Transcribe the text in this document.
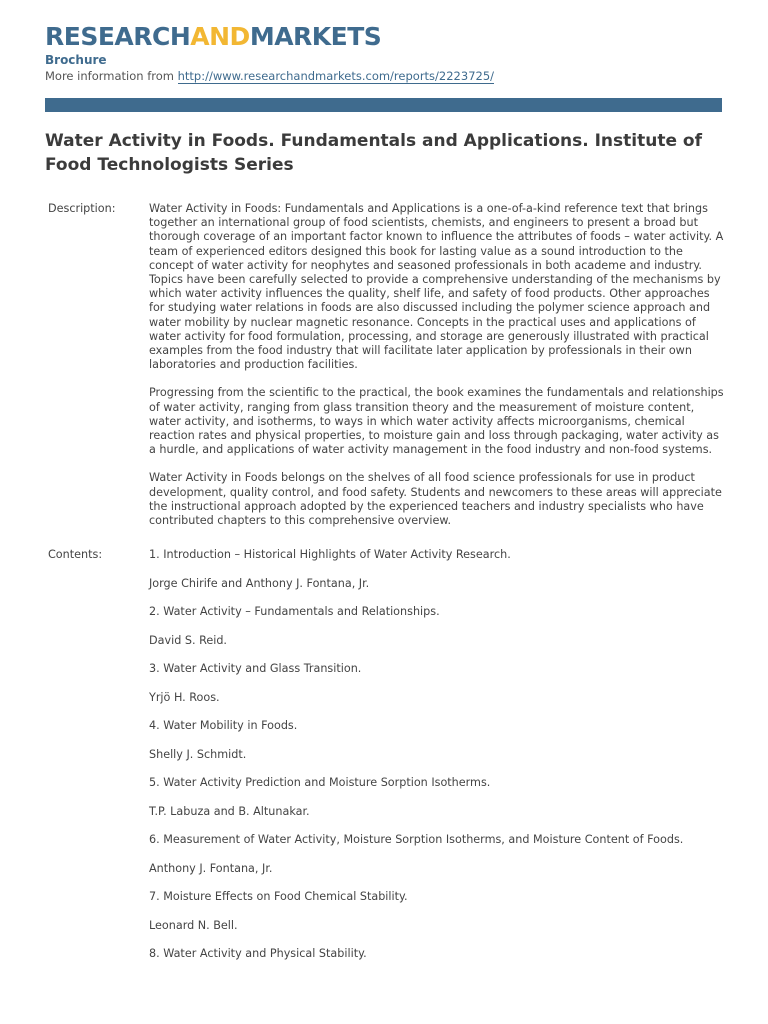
RESEARCHANDMARKETS
Brochure
More information from http://www.researchandmarkets.com/reports/2223725/
Water Activity in Foods. Fundamentals and Applications. Institute of Food Technologists Series
Description:	Water Activity in Foods: Fundamentals and Applications is a one-of-a-kind reference text that brings together an international group of food scientists, chemists, and engineers to present a broad but thorough coverage of an important factor known to influence the attributes of foods – water activity. A team of experienced editors designed this book for lasting value as a sound introduction to the concept of water activity for neophytes and seasoned professionals in both academe and industry. Topics have been carefully selected to provide a comprehensive understanding of the mechanisms by which water activity influences the quality, shelf life, and safety of food products. Other approaches for studying water relations in foods are also discussed including the polymer science approach and water mobility by nuclear magnetic resonance. Concepts in the practical uses and applications of water activity for food formulation, processing, and storage are generously illustrated with practical examples from the food industry that will facilitate later application by professionals in their own laboratories and production facilities.

Progressing from the scientific to the practical, the book examines the fundamentals and relationships of water activity, ranging from glass transition theory and the measurement of moisture content, water activity, and isotherms, to ways in which water activity affects microorganisms, chemical reaction rates and physical properties, to moisture gain and loss through packaging, water activity as a hurdle, and applications of water activity management in the food industry and non-food systems.

Water Activity in Foods belongs on the shelves of all food science professionals for use in product development, quality control, and food safety. Students and newcomers to these areas will appreciate the instructional approach adopted by the experienced teachers and industry specialists who have contributed chapters to this comprehensive overview.

Contents:	1. Introduction – Historical Highlights of Water Activity Research.
Jorge Chirife and Anthony J. Fontana, Jr.
2. Water Activity – Fundamentals and Relationships.
David S. Reid.
3. Water Activity and Glass Transition.
Yrjö H. Roos.
4. Water Mobility in Foods.
Shelly J. Schmidt.
5. Water Activity Prediction and Moisture Sorption Isotherms.
T.P. Labuza and B. Altunakar.
6. Measurement of Water Activity, Moisture Sorption Isotherms, and Moisture Content of Foods.
Anthony J. Fontana, Jr.
7. Moisture Effects on Food Chemical Stability.
Leonard N. Bell.
8. Water Activity and Physical Stability.
